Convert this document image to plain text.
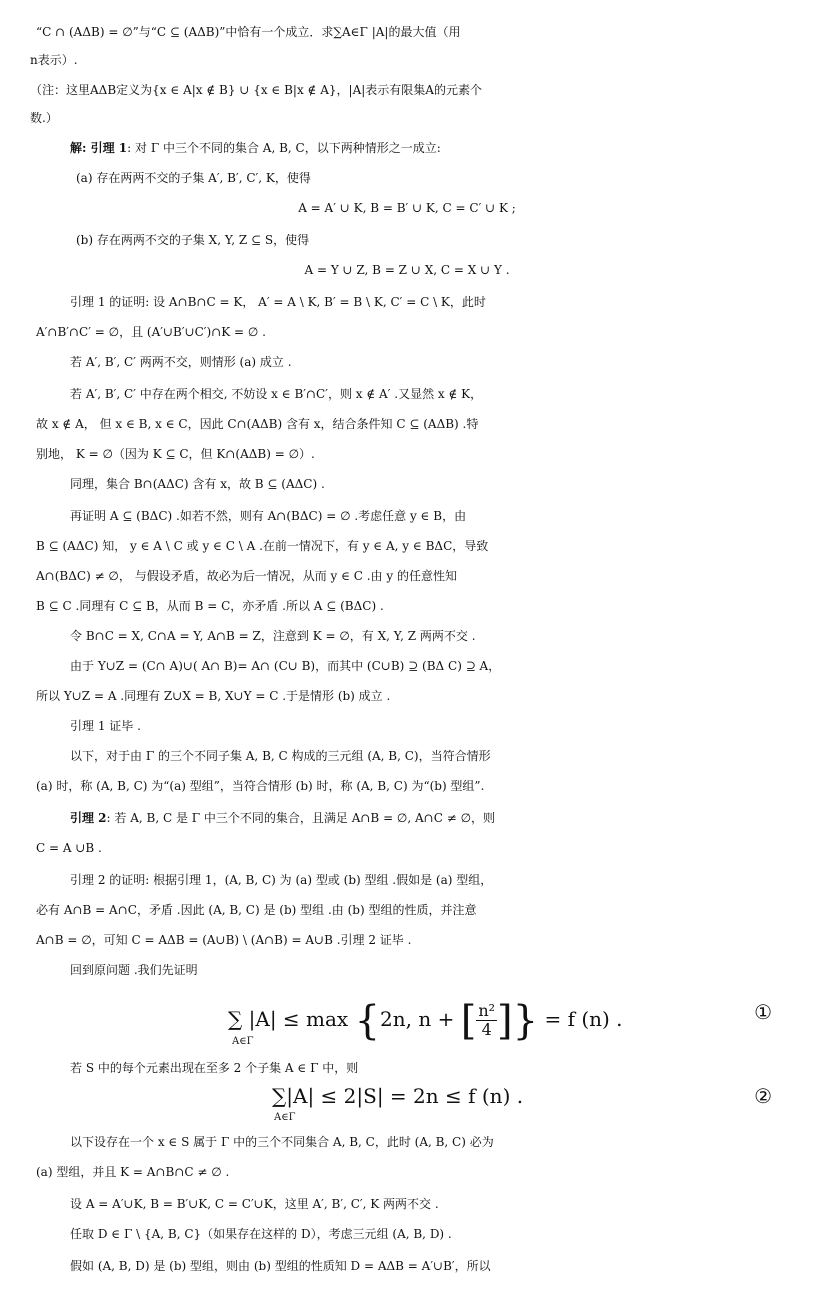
“C ∩ (AΔB) = ∅”与“C ⊆ (AΔB)”中恰有一个成立．求∑A∈Γ |A|的最大值（用
n表示）.
（注：这里AΔB定义为{x ∈ A|x ∉ B} ∪ {x ∈ B|x ∉ A}，|A|表示有限集A的元素个
数.）
解: 引理 1: 对 Γ 中三个不同的集合 A, B, C，以下两种情形之一成立:
(a) 存在两两不交的子集 A′, B′, C′, K，使得
A = A′ ∪ K, B = B′ ∪ K, C = C′ ∪ K ;
(b) 存在两两不交的子集 X, Y, Z ⊆ S，使得
A = Y ∪ Z, B = Z ∪ X, C = X ∪ Y .
引理 1 的证明: 设 A∩B∩C = K， A′ = A \ K, B′ = B \ K, C′ = C \ K，此时
A′∩B′∩C′ = ∅，且 (A′∪B′∪C′)∩K = ∅ .
若 A′, B′, C′ 两两不交，则情形 (a) 成立 .
若 A′, B′, C′ 中存在两个相交, 不妨设 x ∈ B′∩C′，则 x ∉ A′ .又显然 x ∉ K，
故 x ∉ A， 但 x ∈ B, x ∈ C，因此 C∩(AΔB) 含有 x，结合条件知 C ⊆ (AΔB) .特
别地， K = ∅（因为 K ⊆ C，但 K∩(AΔB) = ∅）.
同理，集合 B∩(AΔC) 含有 x，故 B ⊆ (AΔC) .
再证明 A ⊆ (BΔC) .如若不然，则有 A∩(BΔC) = ∅ .考虑任意 y ∈ B，由
B ⊆ (AΔC) 知， y ∈ A \ C 或 y ∈ C \ A .在前一情况下，有 y ∈ A, y ∈ BΔC，导致
A∩(BΔC) ≠ ∅， 与假设矛盾，故必为后一情况，从而 y ∈ C .由 y 的任意性知
B ⊆ C .同理有 C ⊆ B，从而 B = C，亦矛盾 .所以 A ⊆ (BΔC) .
令 B∩C = X, C∩A = Y, A∩B = Z，注意到 K = ∅，有 X, Y, Z 两两不交 .
由于 Y∪Z = (C∩ A)∪( A∩ B)= A∩ (C∪ B)，而其中 (C∪B) ⊇ (BΔ C) ⊇ A，
所以 Y∪Z = A .同理有 Z∪X = B, X∪Y = C .于是情形 (b) 成立 .
引理 1 证毕 .
以下，对于由 Γ 的三个不同子集 A, B, C 构成的三元组 (A, B, C)，当符合情形
(a) 时，称 (A, B, C) 为“(a) 型组”，当符合情形 (b) 时，称 (A, B, C) 为“(b) 型组”.
引理 2: 若 A, B, C 是 Γ 中三个不同的集合，且满足 A∩B = ∅, A∩C ≠ ∅，则
C = A ∪B .
引理 2 的证明: 根据引理 1，(A, B, C) 为 (a) 型或 (b) 型组 .假如是 (a) 型组，
必有 A∩B = A∩C，矛盾 .因此 (A, B, C) 是 (b) 型组 .由 (b) 型组的性质，并注意
A∩B = ∅，可知 C = AΔB = (A∪B) \ (A∩B) = A∪B .引理 2 证毕 .
回到原问题 .我们先证明
∑ |A| ≤ max {2n, n + [ $\frac{\text{n²}}{4}$ ]} = f (n) .
A∈Γ
①
若 S 中的每个元素出现在至多 2 个子集 A ∈ Γ 中，则
∑|A| ≤ 2|S| = 2n ≤ f (n) .
A∈Γ
②
以下设存在一个 x ∈ S 属于 Γ 中的三个不同集合 A, B, C，此时 (A, B, C) 必为
(a) 型组，并且 K = A∩B∩C ≠ ∅ .
设 A = A′∪K, B = B′∪K, C = C′∪K，这里 A′, B′, C′, K 两两不交 .
任取 D ∈ Γ \ {A, B, C}（如果存在这样的 D），考虑三元组 (A, B, D) .
假如 (A, B, D) 是 (b) 型组，则由 (b) 型组的性质知 D = AΔB = A′∪B′，所以
